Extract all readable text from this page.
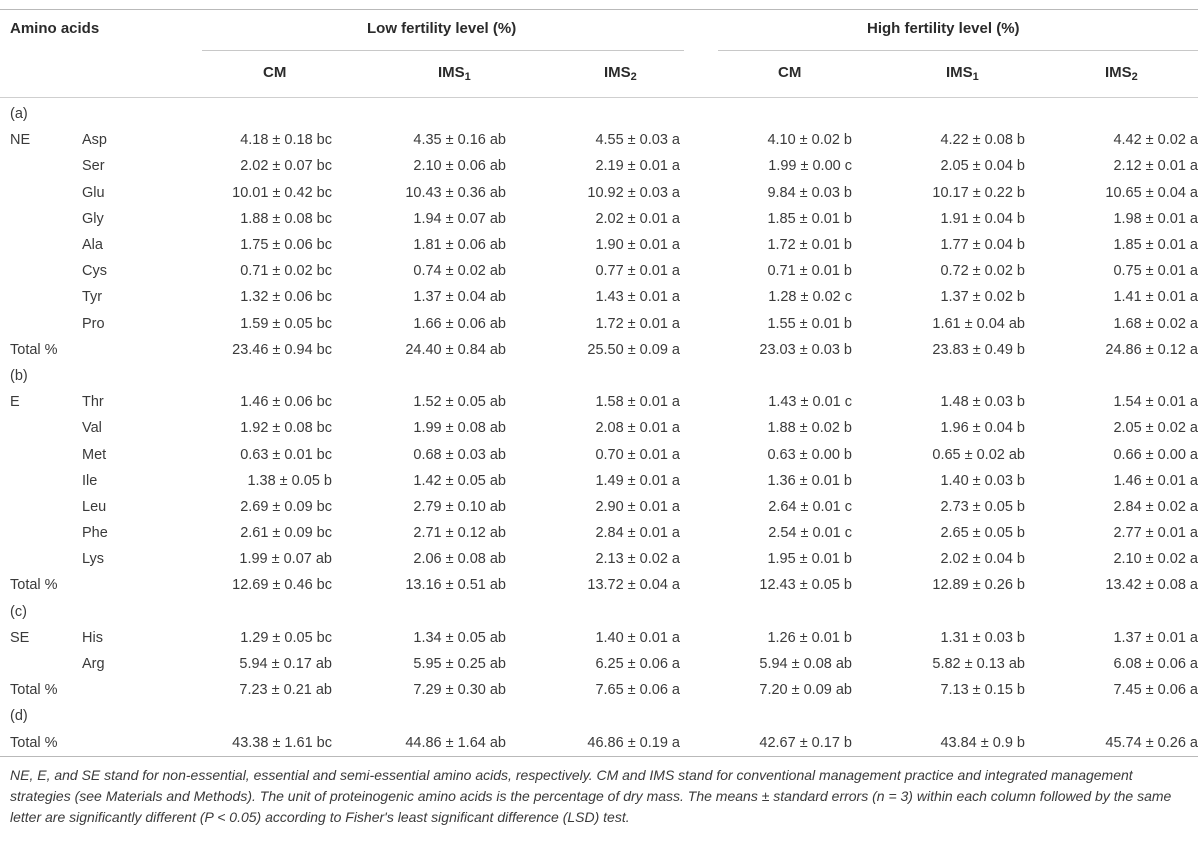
Amino acids	Low fertility level (%)	High fertility level (%)
CM	$IMS_1$	$IMS_2$	CM	$IMS_1$	$IMS_2$
(a)							
NE	Asp	4.18 ± 0.18 bc	4.35 ± 0.16 ab	4.55 ± 0.03 a	4.10 ± 0.02 b	4.22 ± 0.08 b	4.42 ± 0.02 a
	Ser	2.02 ± 0.07 bc	2.10 ± 0.06 ab	2.19 ± 0.01 a	1.99 ± 0.00 c	2.05 ± 0.04 b	2.12 ± 0.01 a
	Glu	10.01 ± 0.42 bc	10.43 ± 0.36 ab	10.92 ± 0.03 a	9.84 ± 0.03 b	10.17 ± 0.22 b	10.65 ± 0.04 a
	Gly	1.88 ± 0.08 bc	1.94 ± 0.07 ab	2.02 ± 0.01 a	1.85 ± 0.01 b	1.91 ± 0.04 b	1.98 ± 0.01 a
	Ala	1.75 ± 0.06 bc	1.81 ± 0.06 ab	1.90 ± 0.01 a	1.72 ± 0.01 b	1.77 ± 0.04 b	1.85 ± 0.01 a
	Cys	0.71 ± 0.02 bc	0.74 ± 0.02 ab	0.77 ± 0.01 a	0.71 ± 0.01 b	0.72 ± 0.02 b	0.75 ± 0.01 a
	Tyr	1.32 ± 0.06 bc	1.37 ± 0.04 ab	1.43 ± 0.01 a	1.28 ± 0.02 c	1.37 ± 0.02 b	1.41 ± 0.01 a
	Pro	1.59 ± 0.05 bc	1.66 ± 0.06 ab	1.72 ± 0.01 a	1.55 ± 0.01 b	1.61 ± 0.04 ab	1.68 ± 0.02 a
Total %		23.46 ± 0.94 bc	24.40 ± 0.84 ab	25.50 ± 0.09 a	23.03 ± 0.03 b	23.83 ± 0.49 b	24.86 ± 0.12 a
(b)							
E	Thr	1.46 ± 0.06 bc	1.52 ± 0.05 ab	1.58 ± 0.01 a	1.43 ± 0.01 c	1.48 ± 0.03 b	1.54 ± 0.01 a
	Val	1.92 ± 0.08 bc	1.99 ± 0.08 ab	2.08 ± 0.01 a	1.88 ± 0.02 b	1.96 ± 0.04 b	2.05 ± 0.02 a
	Met	0.63 ± 0.01 bc	0.68 ± 0.03 ab	0.70 ± 0.01 a	0.63 ± 0.00 b	0.65 ± 0.02 ab	0.66 ± 0.00 a
	Ile	1.38 ± 0.05 b	1.42 ± 0.05 ab	1.49 ± 0.01 a	1.36 ± 0.01 b	1.40 ± 0.03 b	1.46 ± 0.01 a
	Leu	2.69 ± 0.09 bc	2.79 ± 0.10 ab	2.90 ± 0.01 a	2.64 ± 0.01 c	2.73 ± 0.05 b	2.84 ± 0.02 a
	Phe	2.61 ± 0.09 bc	2.71 ± 0.12 ab	2.84 ± 0.01 a	2.54 ± 0.01 c	2.65 ± 0.05 b	2.77 ± 0.01 a
	Lys	1.99 ± 0.07 ab	2.06 ± 0.08 ab	2.13 ± 0.02 a	1.95 ± 0.01 b	2.02 ± 0.04 b	2.10 ± 0.02 a
Total %		12.69 ± 0.46 bc	13.16 ± 0.51 ab	13.72 ± 0.04 a	12.43 ± 0.05 b	12.89 ± 0.26 b	13.42 ± 0.08 a
(c)							
SE	His	1.29 ± 0.05 bc	1.34 ± 0.05 ab	1.40 ± 0.01 a	1.26 ± 0.01 b	1.31 ± 0.03 b	1.37 ± 0.01 a
	Arg	5.94 ± 0.17 ab	5.95 ± 0.25 ab	6.25 ± 0.06 a	5.94 ± 0.08 ab	5.82 ± 0.13 ab	6.08 ± 0.06 a
Total %		7.23 ± 0.21 ab	7.29 ± 0.30 ab	7.65 ± 0.06 a	7.20 ± 0.09 ab	7.13 ± 0.15 b	7.45 ± 0.06 a
(d)							
Total %		43.38 ± 1.61 bc	44.86 ± 1.64 ab	46.86 ± 0.19 a	42.67 ± 0.17 b	43.84 ± 0.9 b	45.74 ± 0.26 a
NE, E, and SE stand for non-essential, essential and semi-essential amino acids, respectively. CM and IMS stand for conventional management practice and integrated management strategies (see Materials and Methods). The unit of proteinogenic amino acids is the percentage of dry mass. The means ± standard errors (n = 3) within each column followed by the same letter are significantly different (P < 0.05) according to Fisher's least significant difference (LSD) test.
